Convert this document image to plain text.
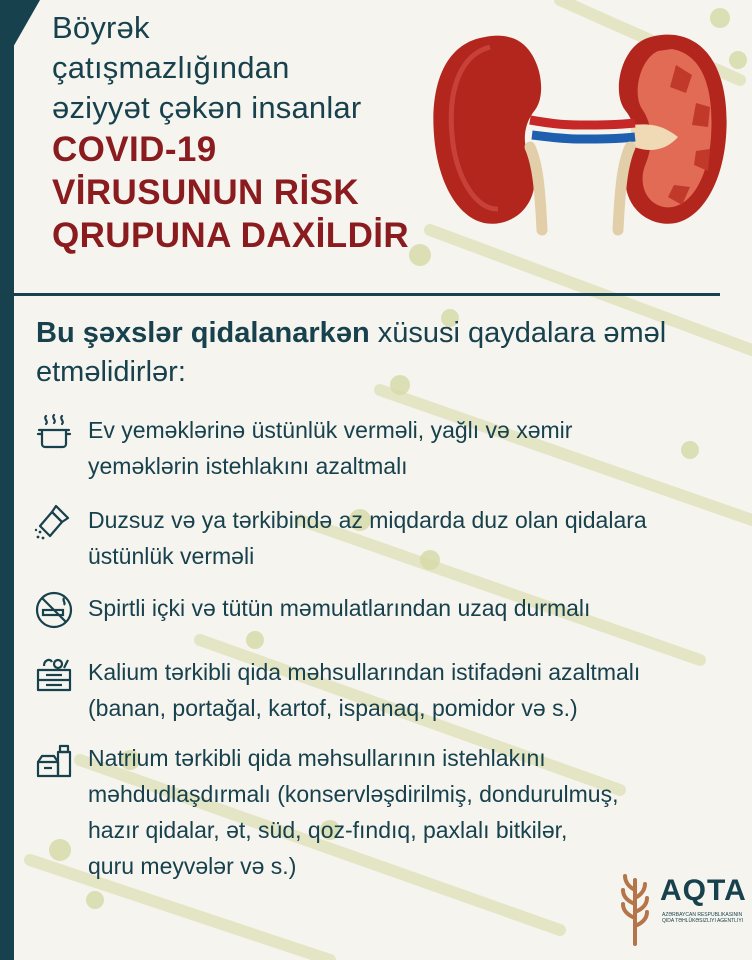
Böyrək
çatışmazlığından
əziyyət çəkən insanlar
COVID-19
VİRUSUNUN RİSK
QRUPUNA DAXİLDİR
Bu şəxslər qidalanarkən xüsusi qaydalara əməl etməlidirlər:
Ev yeməklərinə üstünlük verməli, yağlı və xəmir
yeməklərin istehlakını azaltmalı
Duzsuz və ya tərkibində az miqdarda duz olan qidalara
üstünlük verməli
Spirtli içki və tütün məmulatlarından uzaq durmalı
Kalium tərkibli qida məhsullarından istifadəni azaltmalı
(banan, portağal, kartof, ispanaq, pomidor və s.)
Natrium tərkibli qida məhsullarının istehlakını
məhdudlaşdırmalı (konservləşdirilmiş, dondurulmuş,
hazır qidalar, ət, süd, qoz-fındıq, paxlalı bitkilər,
quru meyvələr və s.)
AQTA
AZƏRBAYCAN RESPUBLIKASININ QIDA TƏHLÜKƏSIZLIYI AGENTLIYI
